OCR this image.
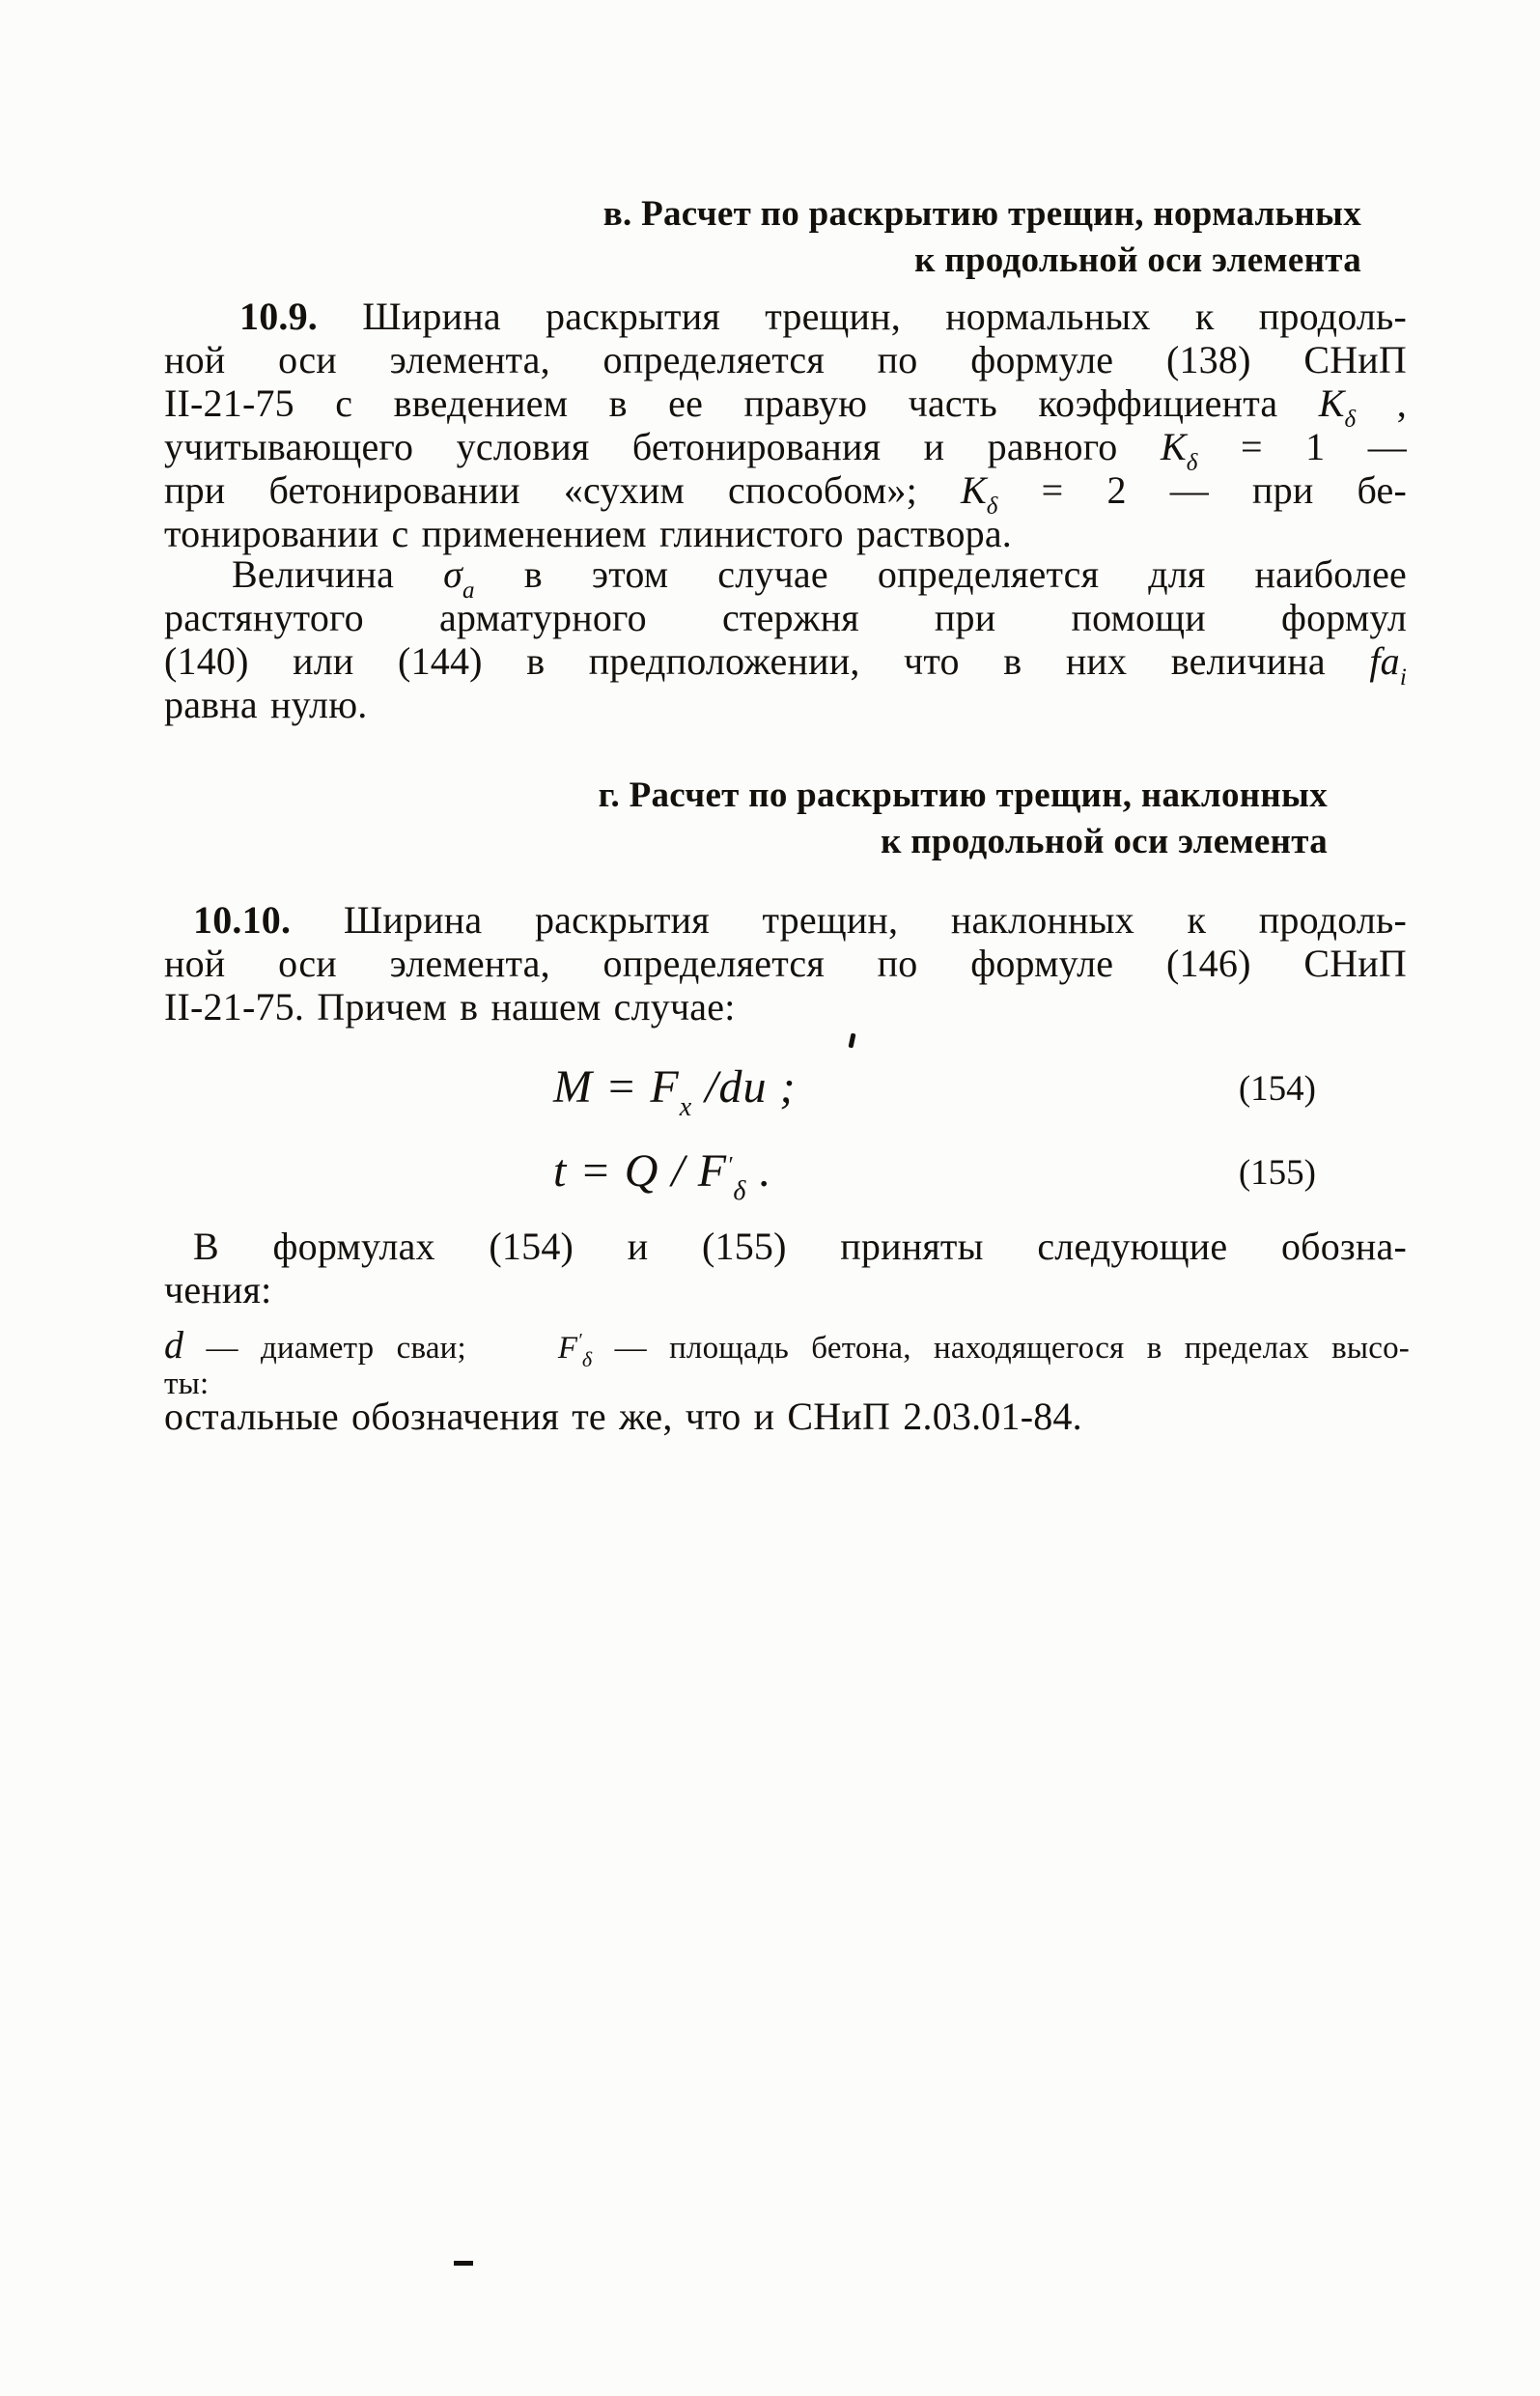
в. Расчет по раскрытию трещин, нормальных
к продольной оси элемента
10.9. Ширина раскрытия трещин, нормальных к продоль-
ной оси элемента, определяется по формуле (138) СНиП
II-21-75 с введением в ее правую часть коэффициента $К_\delta$ ,
учитывающего условия бетонирования и равного $К_\delta = 1$ —
при бетонировании «сухим способом»; $К_\delta = 2$ — при бе-
тонировании с применением глинистого раствора.
Величина $\sigma_a$ в этом случае определяется для наиболее
растянутого арматурного стержня при помощи формул
(140) или (144) в предположении, что в них величина $fa_i$
равна нулю.
г. Расчет по раскрытию трещин, наклонных
к продольной оси элемента
10.10. Ширина раскрытия трещин, наклонных к продоль-
ной оси элемента, определяется по формуле (146) СНиП
II-21-75. Причем в нашем случае:
$M = F_x$ /du ;	(154)
$t = Q / F'_\delta$ .	(155)
В формулах (154) и (155) приняты следующие обозна-
чения:
d — диаметр сваи;	$F'_\delta$ — площадь бетона, находящегося в пределах высо-
ты:
остальные обозначения те же, что и СНиП 2.03.01-84.
